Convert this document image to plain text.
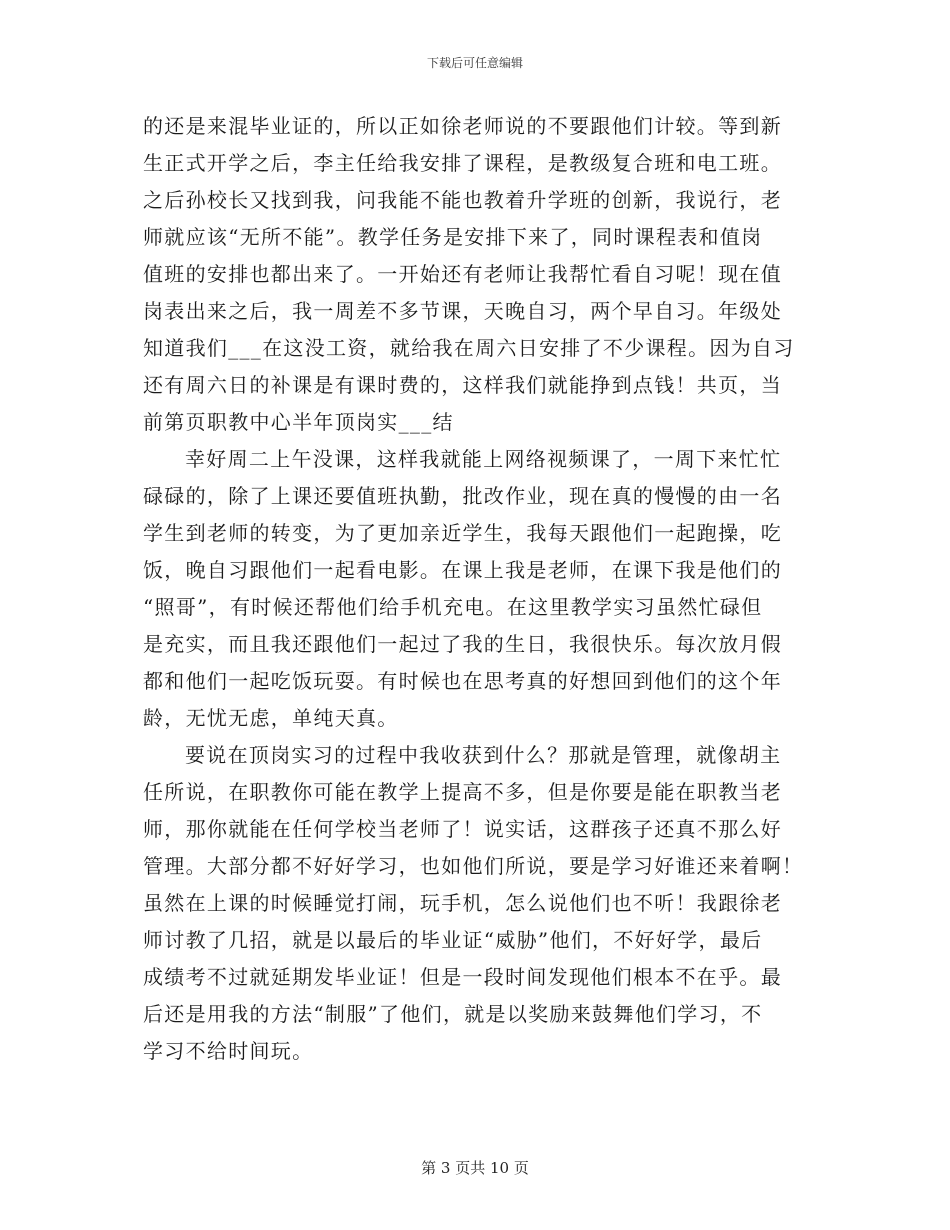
下载后可任意编辑
的还是来混毕业证的，所以正如徐老师说的不要跟他们计较。等到新
生正式开学之后，李主任给我安排了课程，是教级复合班和电工班。
之后孙校长又找到我，问我能不能也教着升学班的创新，我说行，老
师就应该“无所不能”。教学任务是安排下来了，同时课程表和值岗
值班的安排也都出来了。一开始还有老师让我帮忙看自习呢！现在值
岗表出来之后，我一周差不多节课，天晚自习，两个早自习。年级处
知道我们___在这没工资，就给我在周六日安排了不少课程。因为自习
还有周六日的补课是有课时费的，这样我们就能挣到点钱！共页，当
前第页职教中心半年顶岗实___结
幸好周二上午没课，这样我就能上网络视频课了，一周下来忙忙
碌碌的，除了上课还要值班执勤，批改作业，现在真的慢慢的由一名
学生到老师的转变，为了更加亲近学生，我每天跟他们一起跑操，吃
饭，晚自习跟他们一起看电影。在课上我是老师，在课下我是他们的
“照哥”，有时候还帮他们给手机充电。在这里教学实习虽然忙碌但
是充实，而且我还跟他们一起过了我的生日，我很快乐。每次放月假
都和他们一起吃饭玩耍。有时候也在思考真的好想回到他们的这个年
龄，无忧无虑，单纯天真。
要说在顶岗实习的过程中我收获到什么？那就是管理，就像胡主
任所说，在职教你可能在教学上提高不多，但是你要是能在职教当老
师，那你就能在任何学校当老师了！说实话，这群孩子还真不那么好
管理。大部分都不好好学习，也如他们所说，要是学习好谁还来着啊！
虽然在上课的时候睡觉打闹，玩手机，怎么说他们也不听！我跟徐老
师讨教了几招，就是以最后的毕业证“威胁”他们，不好好学，最后
成绩考不过就延期发毕业证！但是一段时间发现他们根本不在乎。最
后还是用我的方法“制服”了他们，就是以奖励来鼓舞他们学习，不
学习不给时间玩。
第 3 页共 10 页
